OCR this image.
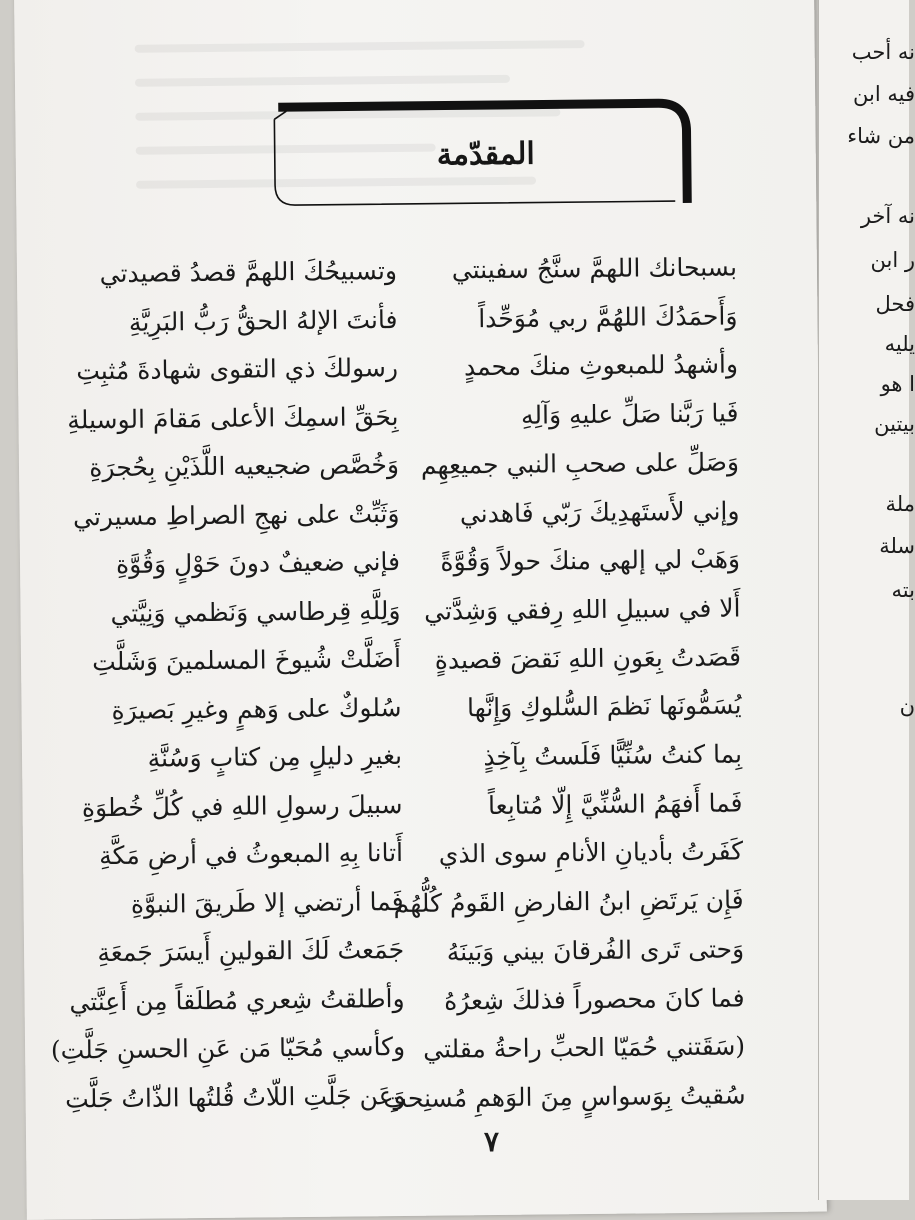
المقدّمة
بسبحانك اللهمَّ سنَّجُ سفينتي
وتسبيحُكَ اللهمَّ قصدُ قصيدتي
وَأَحمَدُكَ اللهُمَّ ربي مُوَحِّداً
فأنتَ الإلهُ الحقُّ رَبُّ البَرِيَّةِ
وأشهدُ للمبعوثِ منكَ محمدٍ
رسولكَ ذي التقوى شهادةَ مُثبِتِ
فَيا رَبَّنا صَلِّ عليهِ وَآلِهِ
بِحَقِّ اسمِكَ الأعلى مَقامَ الوسيلةِ
وَصَلِّ على صحبِ النبي جميعِهِم
وَخُصَّص ضجيعيه اللَّذَيْنِ بِحُجرَةِ
وإني لأَستَهدِيكَ رَبّي فَاهدني
وَثَبِّتْ على نهجِ الصراطِ مسيرتي
وَهَبْ لي إلهي منكَ حولاً وَقُوَّةً
فإني ضعيفٌ دونَ حَوْلٍ وَقُوَّةِ
أَلا في سبيلِ اللهِ رِفقي وَشِدَّتي
وَلِلَّهِ قِرطاسي وَنَظمي وَنِيَّتي
قَصَدتُ بِعَونِ اللهِ نَقضَ قصيدةٍ
أَضَلَّتْ شُيوخَ المسلمينَ وَشَلَّتِ
يُسَمُّونَها نَظمَ السُّلوكِ وَإِنَّها
سُلوكٌ على وَهمٍ وغيرِ بَصيرَةِ
بِما كنتُ سُنِّيًّا فَلَستُ بِآخِذٍ
بغيرِ دليلٍ مِن كتابٍ وَسُنَّةِ
فَما أَفهَمُ السُّنِّيَّ إِلّا مُتابِعاً
سبيلَ رسولِ اللهِ في كُلِّ خُطوَةِ
كَفَرتُ بأديانِ الأنامِ سوى الذي
أَتانا بِهِ المبعوثُ في أرضِ مَكَّةِ
فَإِن يَرتَضِ ابنُ الفارضِ القَومُ كُلُّهُم
فَما أرتضي إلا طَريقَ النبوَّةِ
وَحتى تَرى الفُرقانَ بيني وَبَينَهُ
جَمَعتُ لَكَ القولينِ أَيسَرَ جَمعَةِ
فما كانَ محصوراً فذلكَ شِعرُهُ
وأطلقتُ شِعري مُطلَقاً مِن أَعِنَّتي
(سَقَتني حُمَيّا الحبِّ راحةُ مقلتي
وكأسي مُحَيّا مَن عَنِ الحسنِ جَلَّتِ)
سُقيتُ بِوَسواسٍ مِنَ الوَهمِ مُسنِحتِ
وَعَن جَلَّتِ اللّاتُ قُلتُها الذّاتُ جَلَّتِ
٧
نه أحب
فيه ابن
من شاء
نه آخر
ر ابن
فحل
يليه
ا هو
بيتين
ملة
سلة
بته
ن
